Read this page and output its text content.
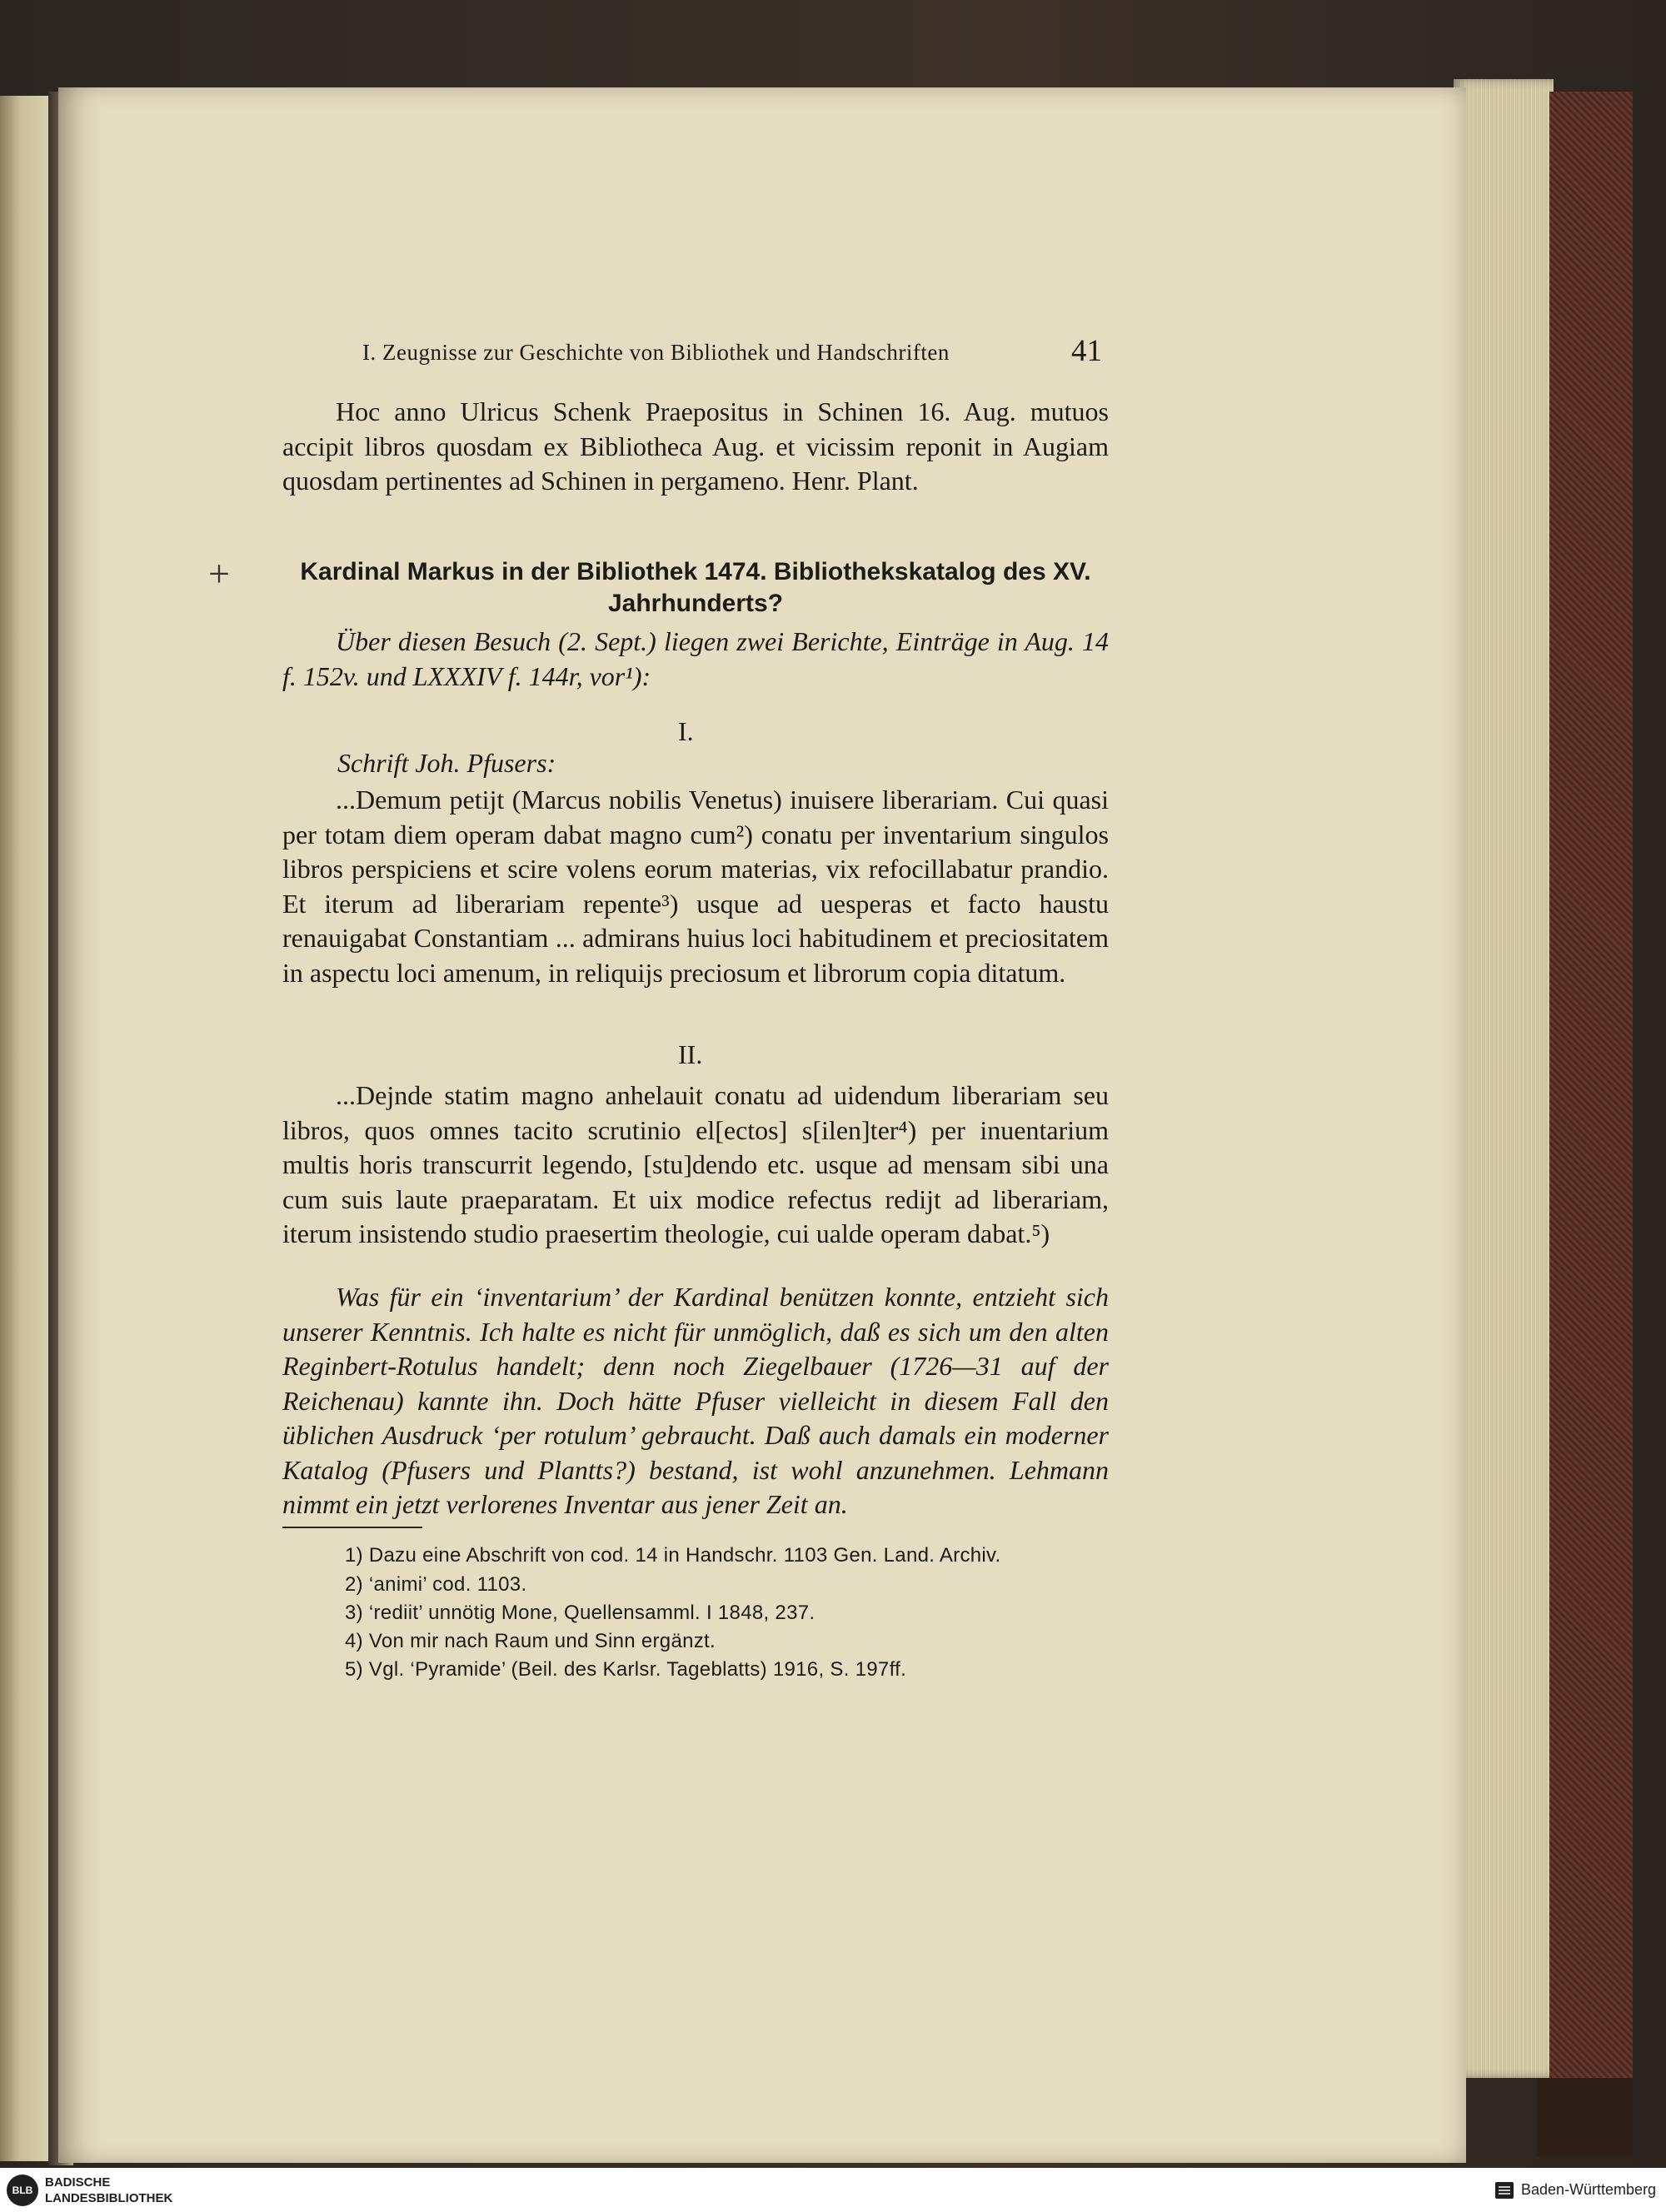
I. Zeugnisse zur Geschichte von Bibliothek und Handschriften	41
Hoc anno Ulricus Schenk Praepositus in Schinen 16. Aug. mutuos accipit libros quosdam ex Bibliotheca Aug. et vicissim reponit in Augiam quosdam pertinentes ad Schinen in pergameno. Henr. Plant.
+	Kardinal Markus in der Bibliothek 1474. Bibliothekskatalog des XV. Jahrhunderts?
Über diesen Besuch (2. Sept.) liegen zwei Berichte, Einträge in Aug. 14 f. 152v. und LXXXIV f. 144r, vor¹):
I.
Schrift Joh. Pfusers:
...Demum petijt (Marcus nobilis Venetus) inuisere liberariam. Cui quasi per totam diem operam dabat magno cum²) conatu per inventarium singulos libros perspiciens et scire volens eorum materias, vix refocillabatur prandio. Et iterum ad liberariam repente³) usque ad uesperas et facto haustu renauigabat Constantiam ... admirans huius loci habitudinem et preciositatem in aspectu loci amenum, in reliquijs preciosum et librorum copia ditatum.
II.
...Dejnde statim magno anhelauit conatu ad uidendum liberariam seu libros, quos omnes tacito scrutinio el[ectos] s[ilen]ter⁴) per inuentarium multis horis transcurrit legendo, [stu]dendo etc. usque ad mensam sibi una cum suis laute praeparatam. Et uix modice refectus redijt ad liberariam, iterum insistendo studio praesertim theologie, cui ualde operam dabat.⁵)
Was für ein ‘inventarium’ der Kardinal benützen konnte, entzieht sich unserer Kenntnis. Ich halte es nicht für unmöglich, daß es sich um den alten Reginbert-Rotulus handelt; denn noch Ziegelbauer (1726—31 auf der Reichenau) kannte ihn. Doch hätte Pfuser vielleicht in diesem Fall den üblichen Ausdruck ‘per rotulum’ gebraucht. Daß auch damals ein moderner Katalog (Pfusers und Plantts?) bestand, ist wohl anzunehmen. Lehmann nimmt ein jetzt verlorenes Inventar aus jener Zeit an.
1) Dazu eine Abschrift von cod. 14 in Handschr. 1103 Gen. Land. Archiv.
2) ‘animi’ cod. 1103.
3) ‘rediit’ unnötig Mone, Quellensamml. I 1848, 237.
4) Von mir nach Raum und Sinn ergänzt.
5) Vgl. ‘Pyramide’ (Beil. des Karlsr. Tageblatts) 1916, S. 197ff.
BLB
BADISCHE
LANDESBIBLIOTHEK
Baden-Württemberg
